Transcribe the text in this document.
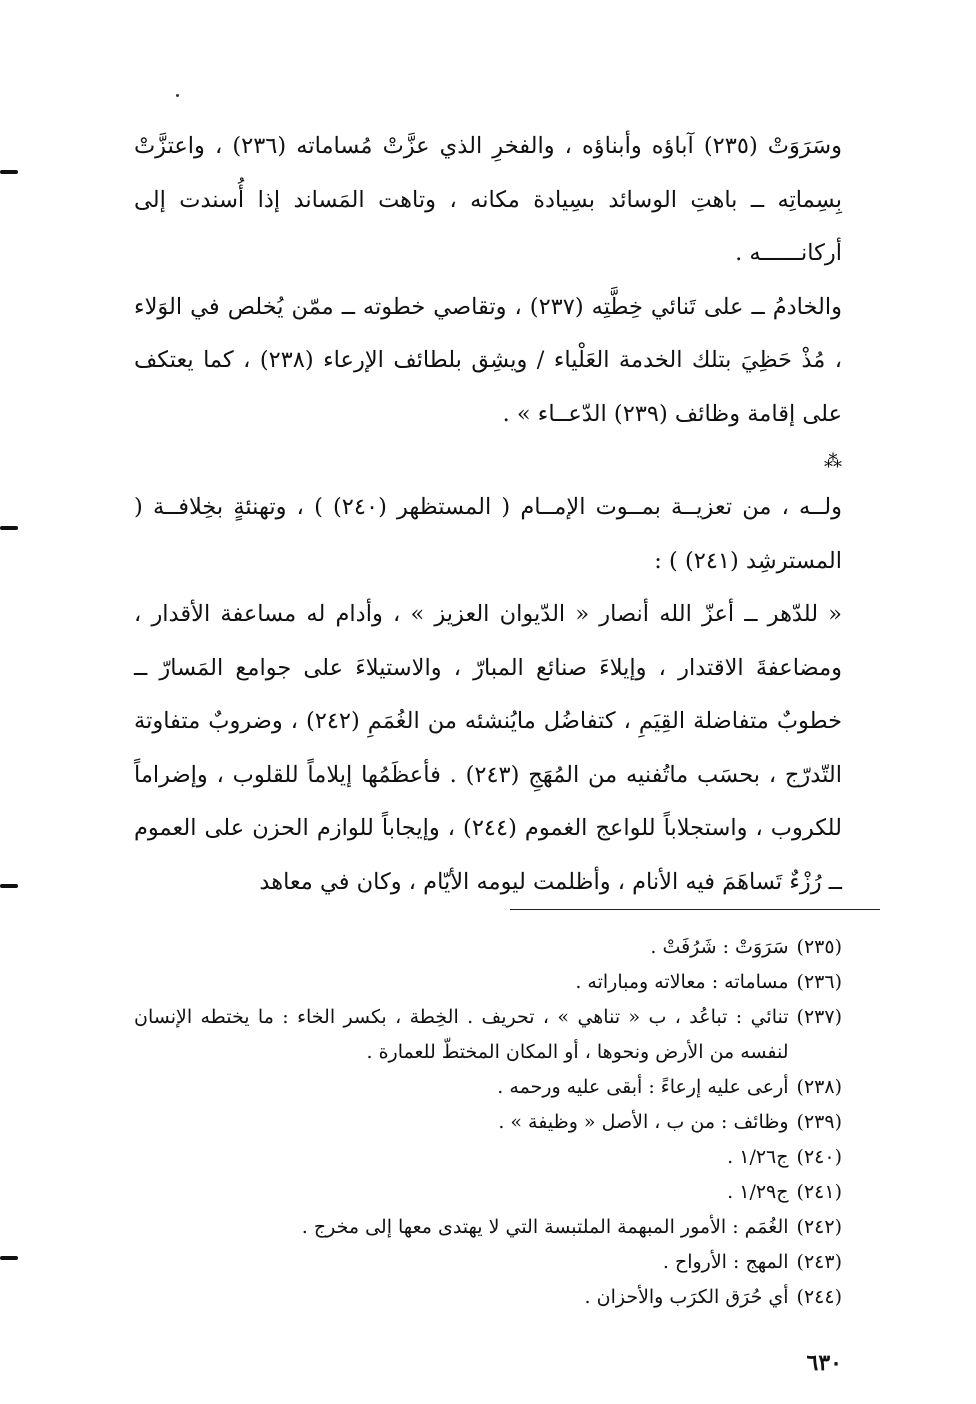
وسَرَوَتْ (٢٣٥) آباؤه وأبناؤه ، والفخرِ الذي عزَّتْ مُساماته (٢٣٦) ، واعتزَّتْ بِسِماتِه ــ باهتِ الوسائد بسِيادة مكانه ، وتاهت المَساند إذا أُسندت إلى أركانــــــه .

والخادمُ ــ على تَنائي خِطَّتِه (٢٣٧) ، وتقاصي خطوته ــ ممّن يُخلص في الوَلاء ، مُذْ حَظِيَ بتلك الخدمة العَلْياء / ويشِق بلطائف الإرعاء (٢٣٨) ، كما يعتكف على إقامة وظائف (٢٣٩) الدّعــاء » .

⁂

ولــه ، من تعزيــة بمــوت الإمــام ( المستظهر (٢٤٠) ) ، وتهنئةٍ بخِلافــة ( المسترشِد (٢٤١) ) :

« للدّهر ــ أعزّ الله أنصار « الدّيوان العزيز » ، وأدام له مساعفة الأقدار ، ومضاعفةَ الاقتدار ، وإيلاءَ صنائع المبارّ ، والاستيلاءَ على جوامع المَسارّ ــ خطوبٌ متفاضلة القِيَمِ ، كتفاضُل مايُنشئه من الغُمَمِ (٢٤٢) ، وضروبٌ متفاوتة التّدرّج ، بحسَب ماتُفنيه من المُهَجِ (٢٤٣) . فأعظَمُها إيلاماً للقلوب ، وإضراماً للكروب ، واستجلاباً للواعج الغموم (٢٤٤) ، وإيجاباً للوازم الحزن على العموم ــ رُزْءٌ تَساهَمَ فيه الأنام ، وأظلمت ليومه الأيّام ، وكان في معاهد

(٢٣٥)
سَرَوَتْ : شَرُفَتْ .
(٢٣٦)
مساماته : معالاته ومباراته .
(٢٣٧)
تنائي : تباعُد ، ب « تناهي » ، تحريف . الخِطة ، بكسر الخاء : ما يختطه الإنسان لنفسه من الأرض ونحوها ، أو المكان المختطّ للعمارة .
(٢٣٨)
أرعى عليه إرعاءً : أبقى عليه ورحمه .
(٢٣٩)
وظائف : من ب ، الأصل « وظيفة » .
(٢٤٠)
ج١/٢٦ .
(٢٤١)
ج١/٢٩ .
(٢٤٢)
الغُمَم : الأمور المبهمة الملتبسة التي لا يهتدى معها إلى مخرج .
(٢٤٣)
المهج : الأرواح .
(٢٤٤)
أي حُرَق الكرَب والأحزان .
٦٣٠
